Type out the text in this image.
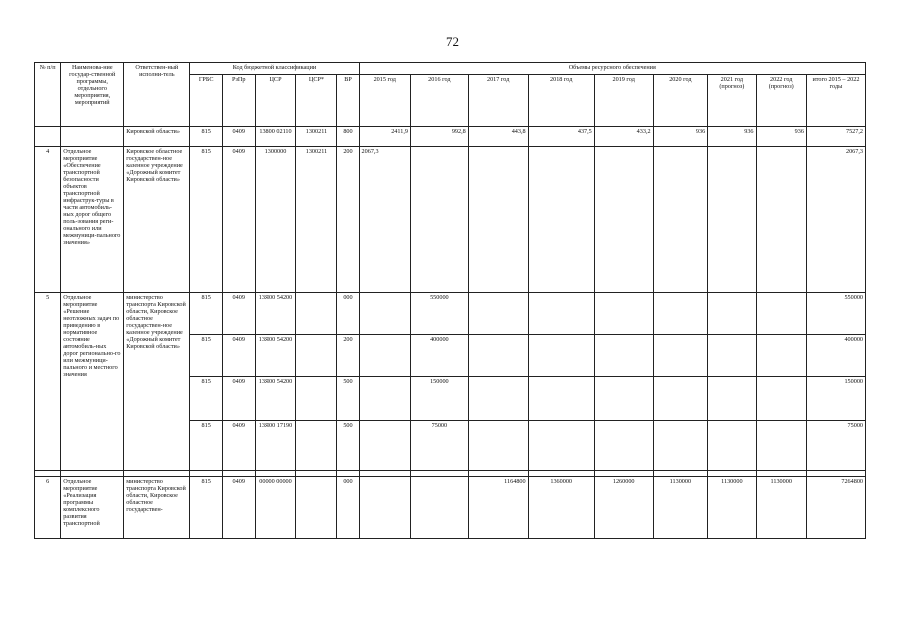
72
№ п/п	Наименова-ние государ-ственной программы, отдельного мероприятия, мероприятий	Ответствен-ный исполни-тель	Код бюджетной классификации					Объемы ресурсного обеспечения								
			ГРБС	РзПр	ЦСР	ЦСР*	ВР	2015 год	2016 год	2017 год	2018 год	2019 год	2020 год	2021 год (прогноз)	2022 год (прогноз)	итого 2015 – 2022 годы
		Кировской области»	815	0409	13800 02110	1300211	800	2411,9	992,8	443,8	437,5	433,2	936	936	936	7527,2
4	Отдельное мероприятие «Обеспечение транспортной безопасности объектов транспортной инфраструк-туры в части автомобиль-ных дорог общего поль-зования реги-онального или межмуници-пального значения»	Кировское областное государствен-ное казенное учреждение «Дорожный комитет Кировской области»	815	0409	1300000	1300211	200	2067,3								2067,3
5	Отдельное мероприятие «Решение неотложных задач по приведению в нормативное состояние автомобиль-ных дорог регионально-го или межмуници-пального и местного значения	министерство транспорта Кировской области, Кировское областное государствен-ное казенное учреждение «Дорожный комитет Кировской области»	815	0409	13Я00 54200		000		550000							550000
			815	0409	13Я00 54200		200		400000							400000
			815	0409	13Я00 54200		500		150000							150000
			815	0409	13Я00 17190		500		75000							75000

6	Отдельное мероприятие «Реализация программы комплексного развития транспортной	министерство транспорта Кировской области, Кировское областное государствен-	815	0409	00000 00000		000			1164800	1360000	1260000	1130000	1130000	1130000	7264800
